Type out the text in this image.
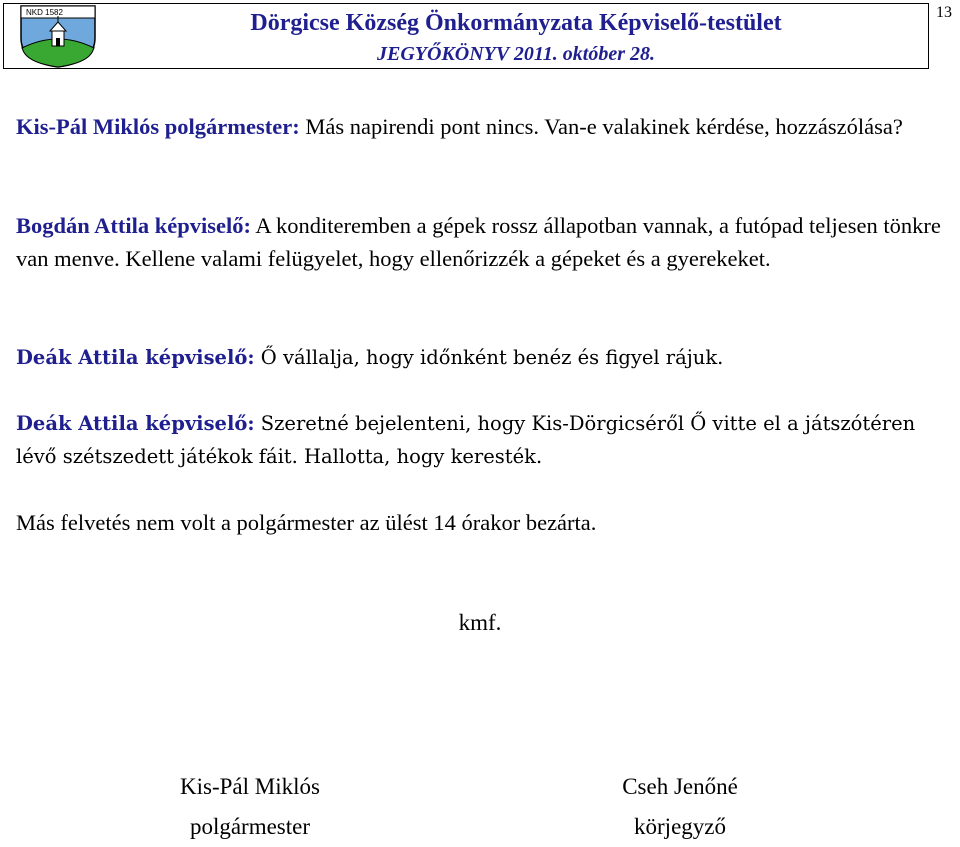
NKD 1582	Dörgicse Község Önkormányzata Képviselő-testület
JEGYŐKÖNYV 2011. október 28.
13

Kis-Pál Miklós polgármester: Más napirendi pont nincs. Van-e valakinek kérdése, hozzászólása?

Bogdán Attila képviselő: A konditeremben a gépek rossz állapotban vannak, a futópad teljesen tönkre van menve. Kellene valami felügyelet, hogy ellenőrizzék a gépeket és a gyerekeket.

Deák Attila képviselő: Ő vállalja, hogy időnként benéz és figyel rájuk.

Deák Attila képviselő: Szeretné bejelenteni, hogy Kis-Dörgicséről Ő vitte el a játszótéren lévő szétszedett játékok fáit. Hallotta, hogy keresték.

Más felvetés nem volt a polgármester az ülést 14 órakor bezárta.

kmf.
Kis-Pál Miklós
polgármester
Cseh Jenőné
körjegyző
